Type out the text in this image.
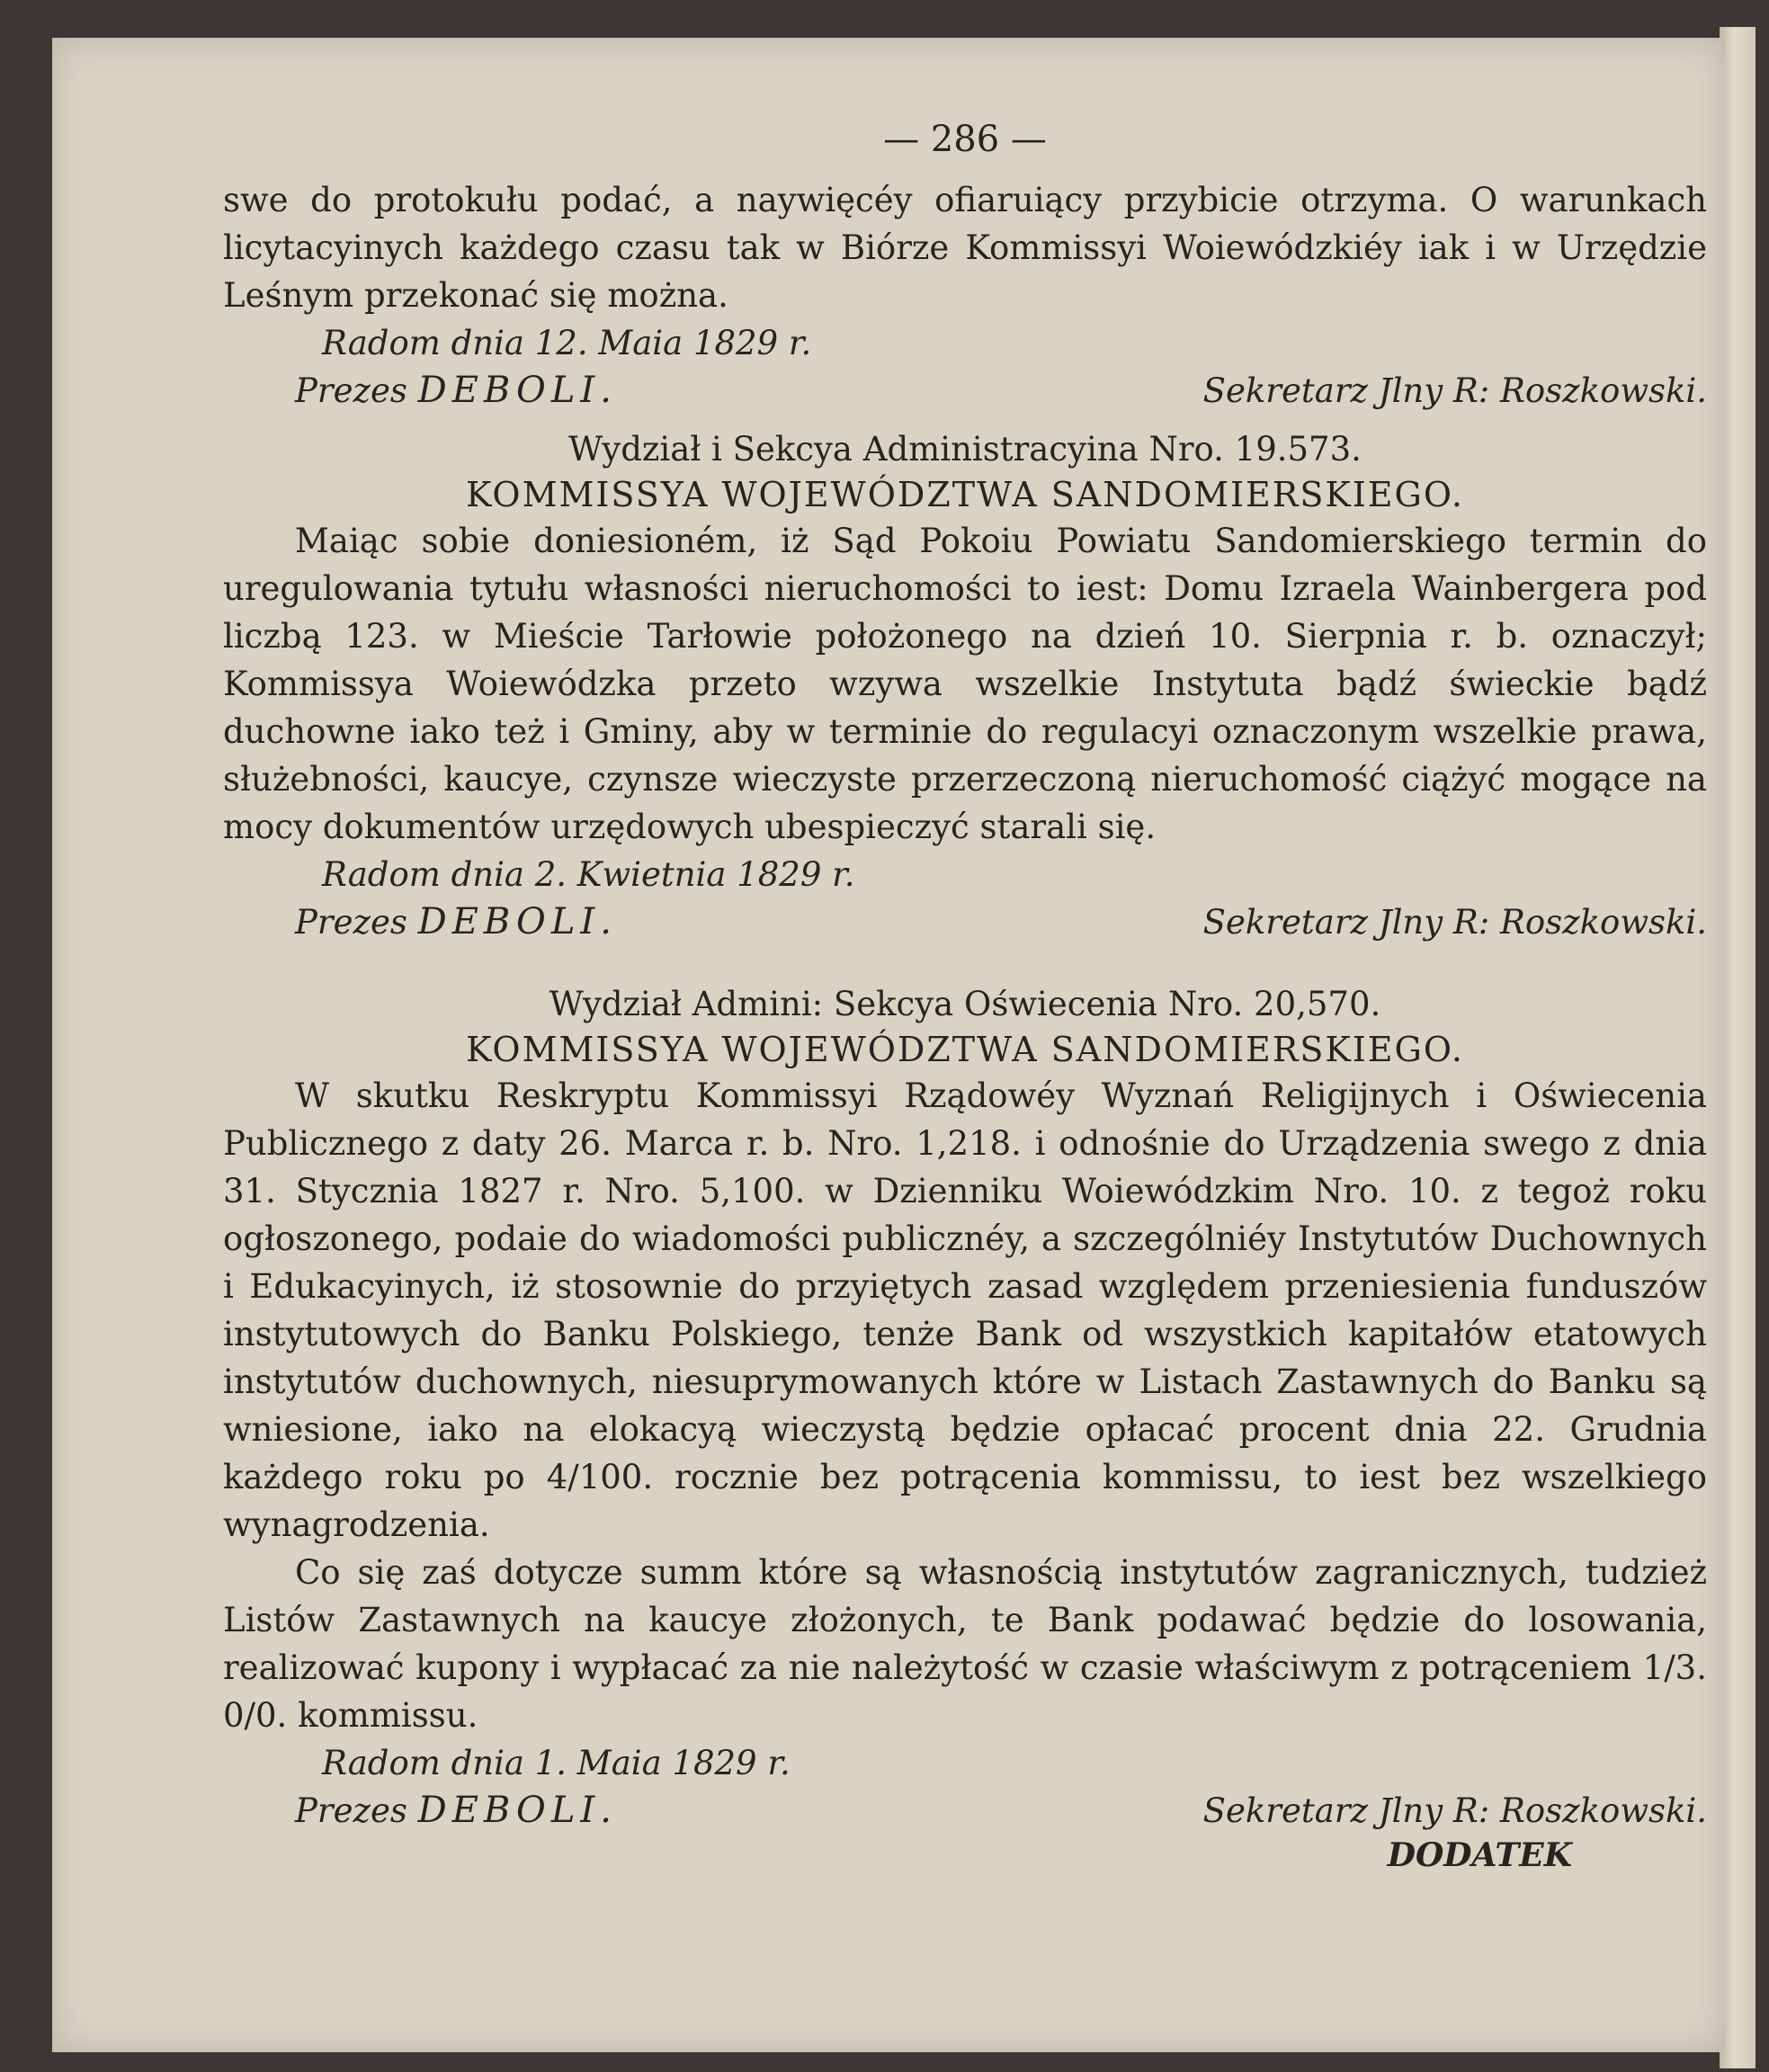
— 286 —

swe do protokułu podać, a naywięcéy ofiaruiący przybicie otrzyma. O warunkach licytacyinych każdego czasu tak w Biórze Kommissyi Woiewódzkiéy iak i w Urzędzie Leśnym przekonać się można.

Radom dnia 12. Maia 1829 r.
Prezes DEBOLI.	Sekretarz Jlny R: Roszkowski.
Wydział i Sekcya Administracyina Nro. 19.573.
KOMMISSYA WOJEWÓDZTWA SANDOMIERSKIEGO.

Maiąc sobie doniesioném, iż Sąd Pokoiu Powiatu Sandomierskiego termin do uregulowania tytułu własności nieruchomości to iest: Domu Izraela Wainbergera pod liczbą 123. w Mieście Tarłowie położonego na dzień 10. Sierpnia r. b. oznaczył; Kommissya Woiewódzka przeto wzywa wszelkie Instytuta bądź świeckie bądź duchowne iako też i Gminy, aby w terminie do regulacyi oznaczonym wszelkie prawa, służebności, kaucye, czynsze wieczyste przerzeczoną nieruchomość ciążyć mogące na mocy dokumentów urzędowych ubespieczyć starali się.

Radom dnia 2. Kwietnia 1829 r.
Prezes DEBOLI.	Sekretarz Jlny R: Roszkowski.
Wydział Admini: Sekcya Oświecenia Nro. 20,570.
KOMMISSYA WOJEWÓDZTWA SANDOMIERSKIEGO.

W skutku Reskryptu Kommissyi Rządowéy Wyznań Religijnych i Oświecenia Publicznego z daty 26. Marca r. b. Nro. 1,218. i odnośnie do Urządzenia swego z dnia 31. Stycznia 1827 r. Nro. 5,100. w Dzienniku Woiewódzkim Nro. 10. z tegoż roku ogłoszonego, podaie do wiadomości publicznéy, a szczególniéy Instytutów Duchownych i Edukacyinych, iż stosownie do przyiętych zasad względem przeniesienia funduszów instytutowych do Banku Polskiego, tenże Bank od wszystkich kapitałów etatowych instytutów duchownych, niesuprymowanych które w Listach Zastawnych do Banku są wniesione, iako na elokacyą wieczystą będzie opłacać procent dnia 22. Grudnia każdego roku po 4/100. rocznie bez potrącenia kommissu, to iest bez wszelkiego wynagrodzenia.

Co się zaś dotycze summ które są własnością instytutów zagranicznych, tudzież Listów Zastawnych na kaucye złożonych, te Bank podawać będzie do losowania, realizować kupony i wypłacać za nie należytość w czasie właściwym z potrąceniem 1/3. 0/0. kommissu.

Radom dnia 1. Maia 1829 r.
Prezes DEBOLI.	Sekretarz Jlny R: Roszkowski.
DODATEK
